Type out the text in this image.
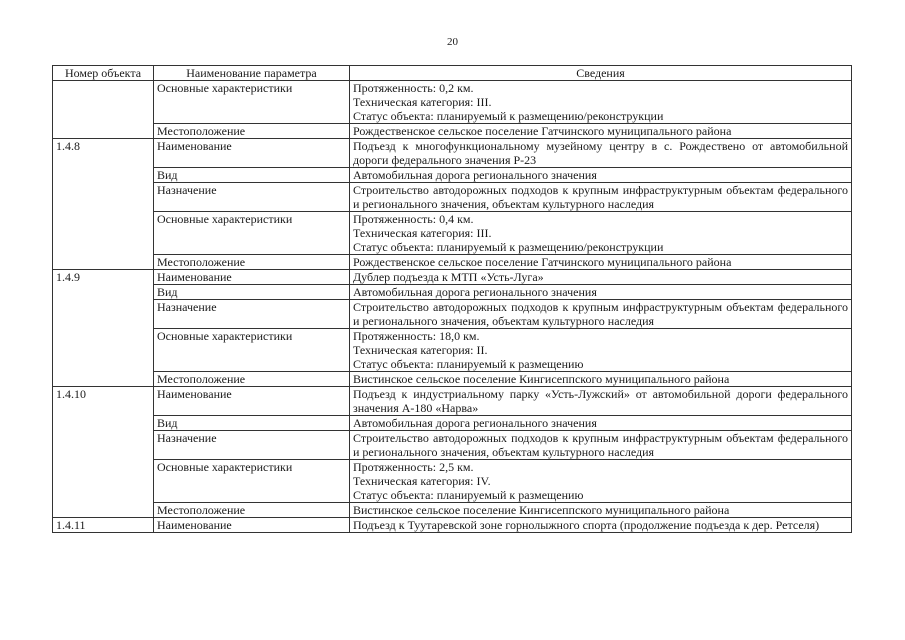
20
Номер объекта	Наименование параметра	Сведения
	Основные характеристики	Протяженность: 0,2 км.
Техническая категория: III.
Статус объекта: планируемый к размещению/реконструкции

	Местоположение	Рождественское сельское поселение Гатчинского муниципального района

1.4.8	Наименование	Подъезд к многофункциональному музейному центру в с. Рождествено от автомобильной дороги федерального значения Р-23

	Вид	Автомобильная дорога регионального значения

	Назначение	Строительство автодорожных подходов к крупным инфраструктурным объектам федерального и регионального значения, объектам культурного наследия

	Основные характеристики	Протяженность: 0,4 км.
Техническая категория: III.
Статус объекта: планируемый к размещению/реконструкции

	Местоположение	Рождественское сельское поселение Гатчинского муниципального района

1.4.9	Наименование	Дублер подъезда к МТП «Усть-Луга»

	Вид	Автомобильная дорога регионального значения

	Назначение	Строительство автодорожных подходов к крупным инфраструктурным объектам федерального и регионального значения, объектам культурного наследия

	Основные характеристики	Протяженность: 18,0 км.
Техническая категория: II.
Статус объекта: планируемый к размещению

	Местоположение	Вистинское сельское поселение Кингисеппского муниципального района

1.4.10	Наименование	Подъезд к индустриальному парку «Усть-Лужский» от автомобильной дороги федерального значения А-180 «Нарва»

	Вид	Автомобильная дорога регионального значения

	Назначение	Строительство автодорожных подходов к крупным инфраструктурным объектам федерального и регионального значения, объектам культурного наследия

	Основные характеристики	Протяженность: 2,5 км.
Техническая категория: IV.
Статус объекта: планируемый к размещению

	Местоположение	Вистинское сельское поселение Кингисеппского муниципального района

1.4.11	Наименование	Подъезд к Туутаревской зоне горнолыжного спорта (продолжение подъезда к дер. Ретселя)
